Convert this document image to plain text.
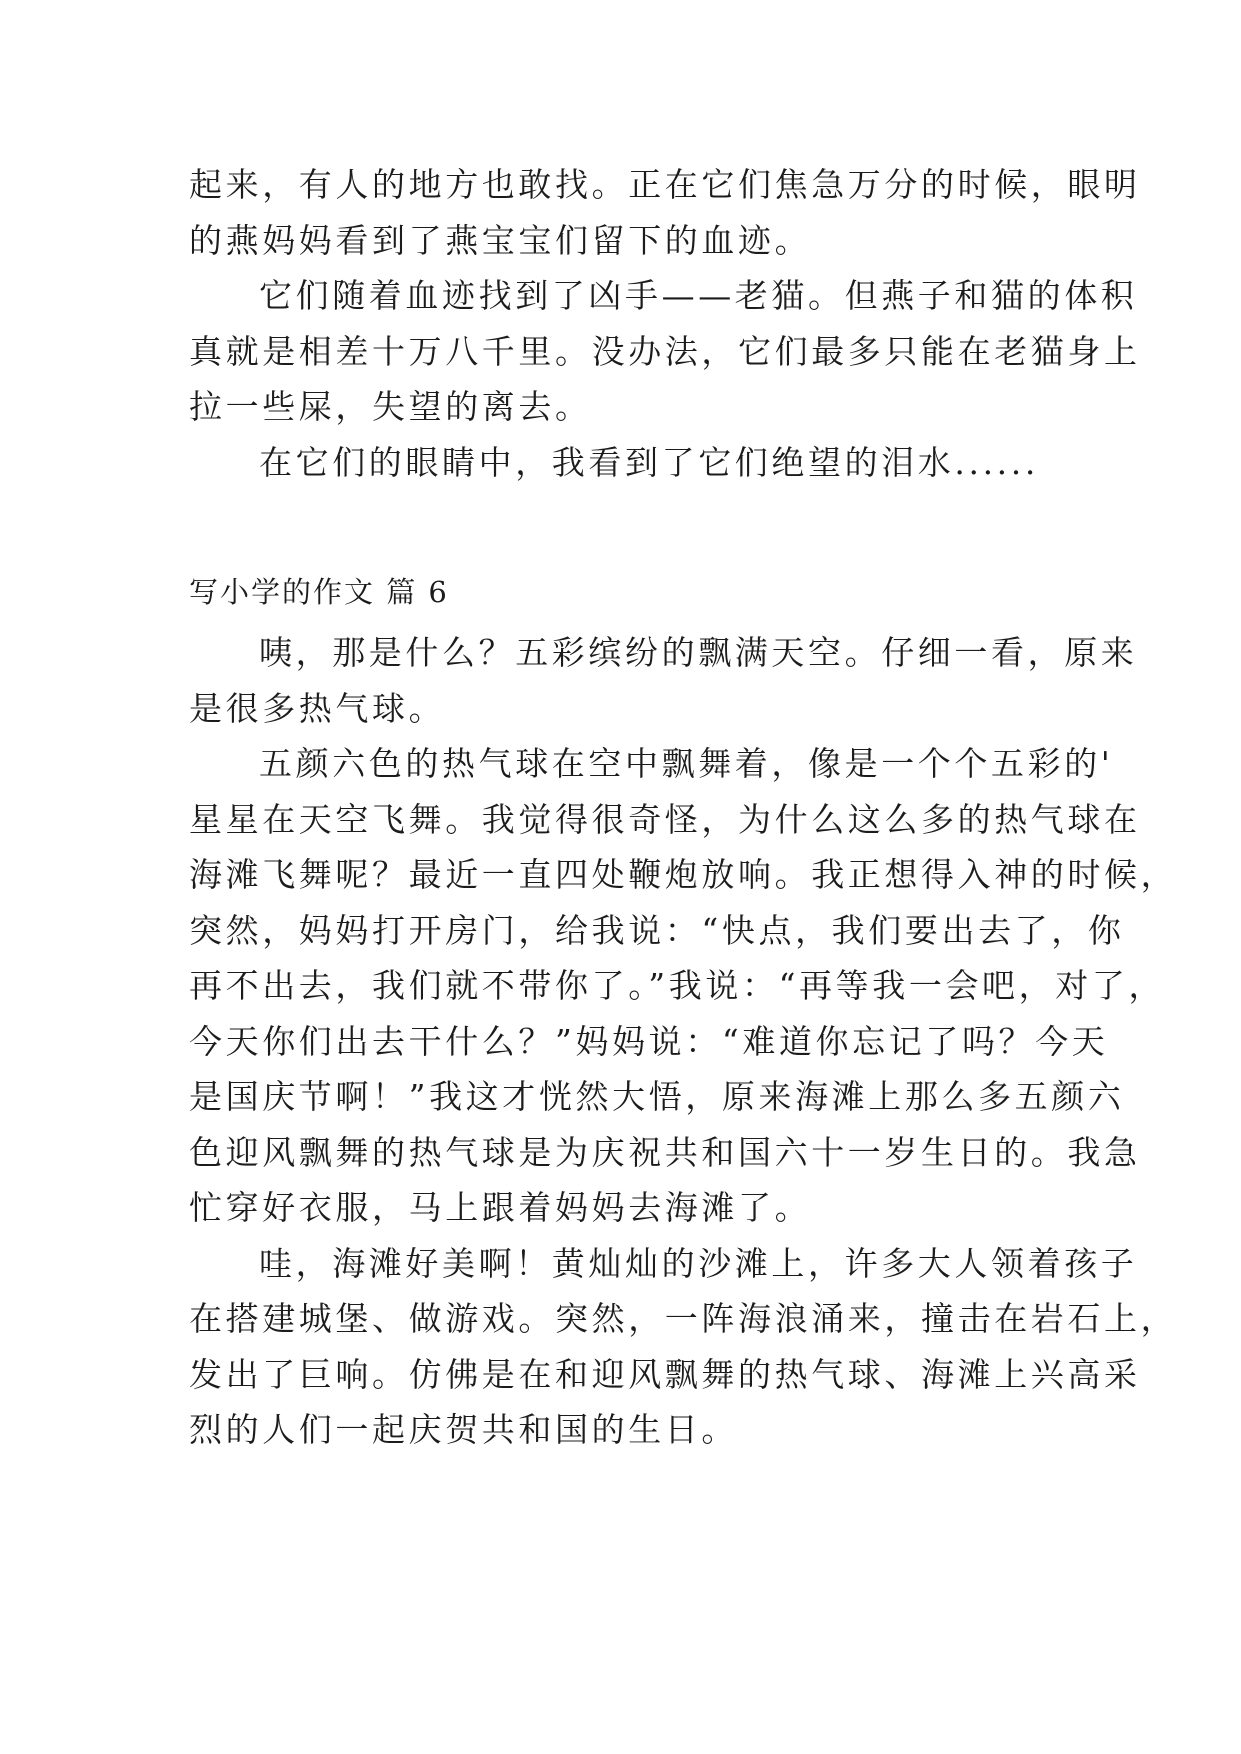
起来，有人的地方也敢找。正在它们焦急万分的时候，眼明
的燕妈妈看到了燕宝宝们留下的血迹。
它们随着血迹找到了凶手——老猫。但燕子和猫的体积
真就是相差十万八千里。没办法，它们最多只能在老猫身上
拉一些屎，失望的离去。
在它们的眼睛中，我看到了它们绝望的泪水......
写小学的作文 篇 6
咦，那是什么？五彩缤纷的飘满天空。仔细一看，原来
是很多热气球。
五颜六色的热气球在空中飘舞着，像是一个个五彩的'
星星在天空飞舞。我觉得很奇怪，为什么这么多的热气球在
海滩飞舞呢？最近一直四处鞭炮放响。我正想得入神的时候，
突然，妈妈打开房门，给我说：“快点，我们要出去了，你
再不出去，我们就不带你了。”我说：“再等我一会吧，对了，
今天你们出去干什么？”妈妈说：“难道你忘记了吗？今天
是国庆节啊！”我这才恍然大悟，原来海滩上那么多五颜六
色迎风飘舞的热气球是为庆祝共和国六十一岁生日的。我急
忙穿好衣服，马上跟着妈妈去海滩了。
哇，海滩好美啊！黄灿灿的沙滩上，许多大人领着孩子
在搭建城堡、做游戏。突然，一阵海浪涌来，撞击在岩石上，
发出了巨响。仿佛是在和迎风飘舞的热气球、海滩上兴高采
烈的人们一起庆贺共和国的生日。
